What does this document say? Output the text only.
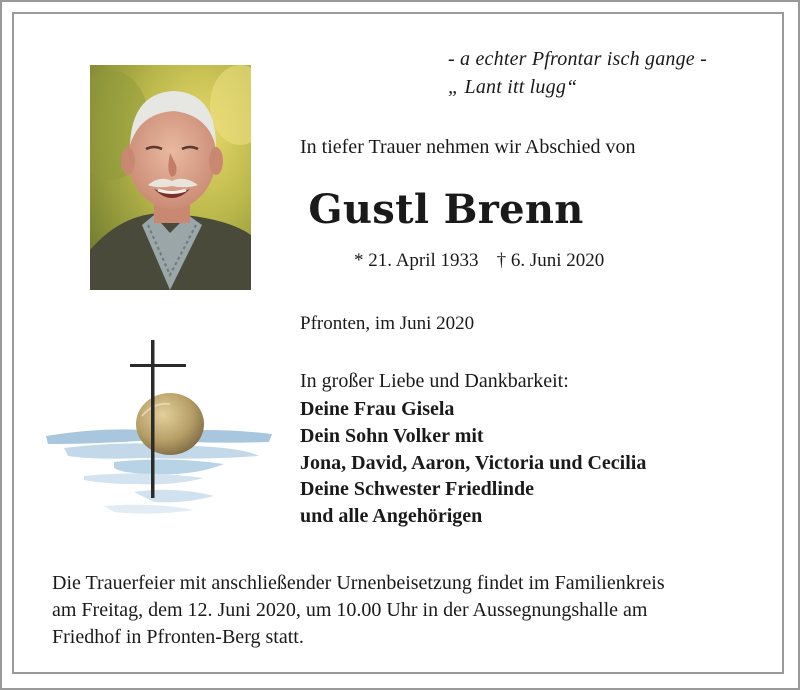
- a echter Pfrontar isch gange -
„ Lant itt lugg“
In tiefer Trauer nehmen wir Abschied von
Gustl Brenn
* 21. April 1933 † 6. Juni 2020
Pfronten, im Juni 2020
In großer Liebe und Dankbarkeit:
Deine Frau Gisela
Dein Sohn Volker mit
Jona, David, Aaron, Victoria und Cecilia
Deine Schwester Friedlinde
und alle Angehörigen
Die Trauerfeier mit anschließender Urnenbeisetzung findet im Familienkreis
am Freitag, dem 12. Juni 2020, um 10.00 Uhr in der Aussegnungshalle am
Friedhof in Pfronten-Berg statt.
